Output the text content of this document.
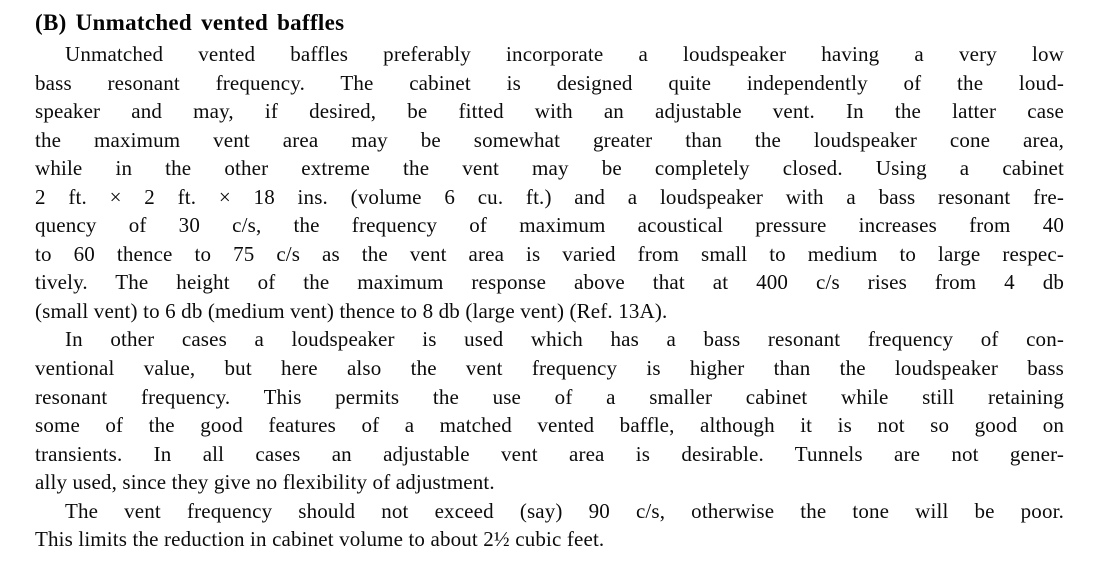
(B) Unmatched vented baffles
Unmatched vented baffles preferably incorporate a loudspeaker having a very low
bass resonant frequency. The cabinet is designed quite independently of the loud-
speaker and may, if desired, be fitted with an adjustable vent. In the latter case
the maximum vent area may be somewhat greater than the loudspeaker cone area,
while in the other extreme the vent may be completely closed. Using a cabinet
2 ft. × 2 ft. × 18 ins. (volume 6 cu. ft.) and a loudspeaker with a bass resonant fre-
quency of 30 c/s, the frequency of maximum acoustical pressure increases from 40
to 60 thence to 75 c/s as the vent area is varied from small to medium to large respec-
tively. The height of the maximum response above that at 400 c/s rises from 4 db
(small vent) to 6 db (medium vent) thence to 8 db (large vent) (Ref. 13A).
In other cases a loudspeaker is used which has a bass resonant frequency of con-
ventional value, but here also the vent frequency is higher than the loudspeaker bass
resonant frequency. This permits the use of a smaller cabinet while still retaining
some of the good features of a matched vented baffle, although it is not so good on
transients. In all cases an adjustable vent area is desirable. Tunnels are not gener-
ally used, since they give no flexibility of adjustment.
The vent frequency should not exceed (say) 90 c/s, otherwise the tone will be poor.
This limits the reduction in cabinet volume to about 2½ cubic feet.
